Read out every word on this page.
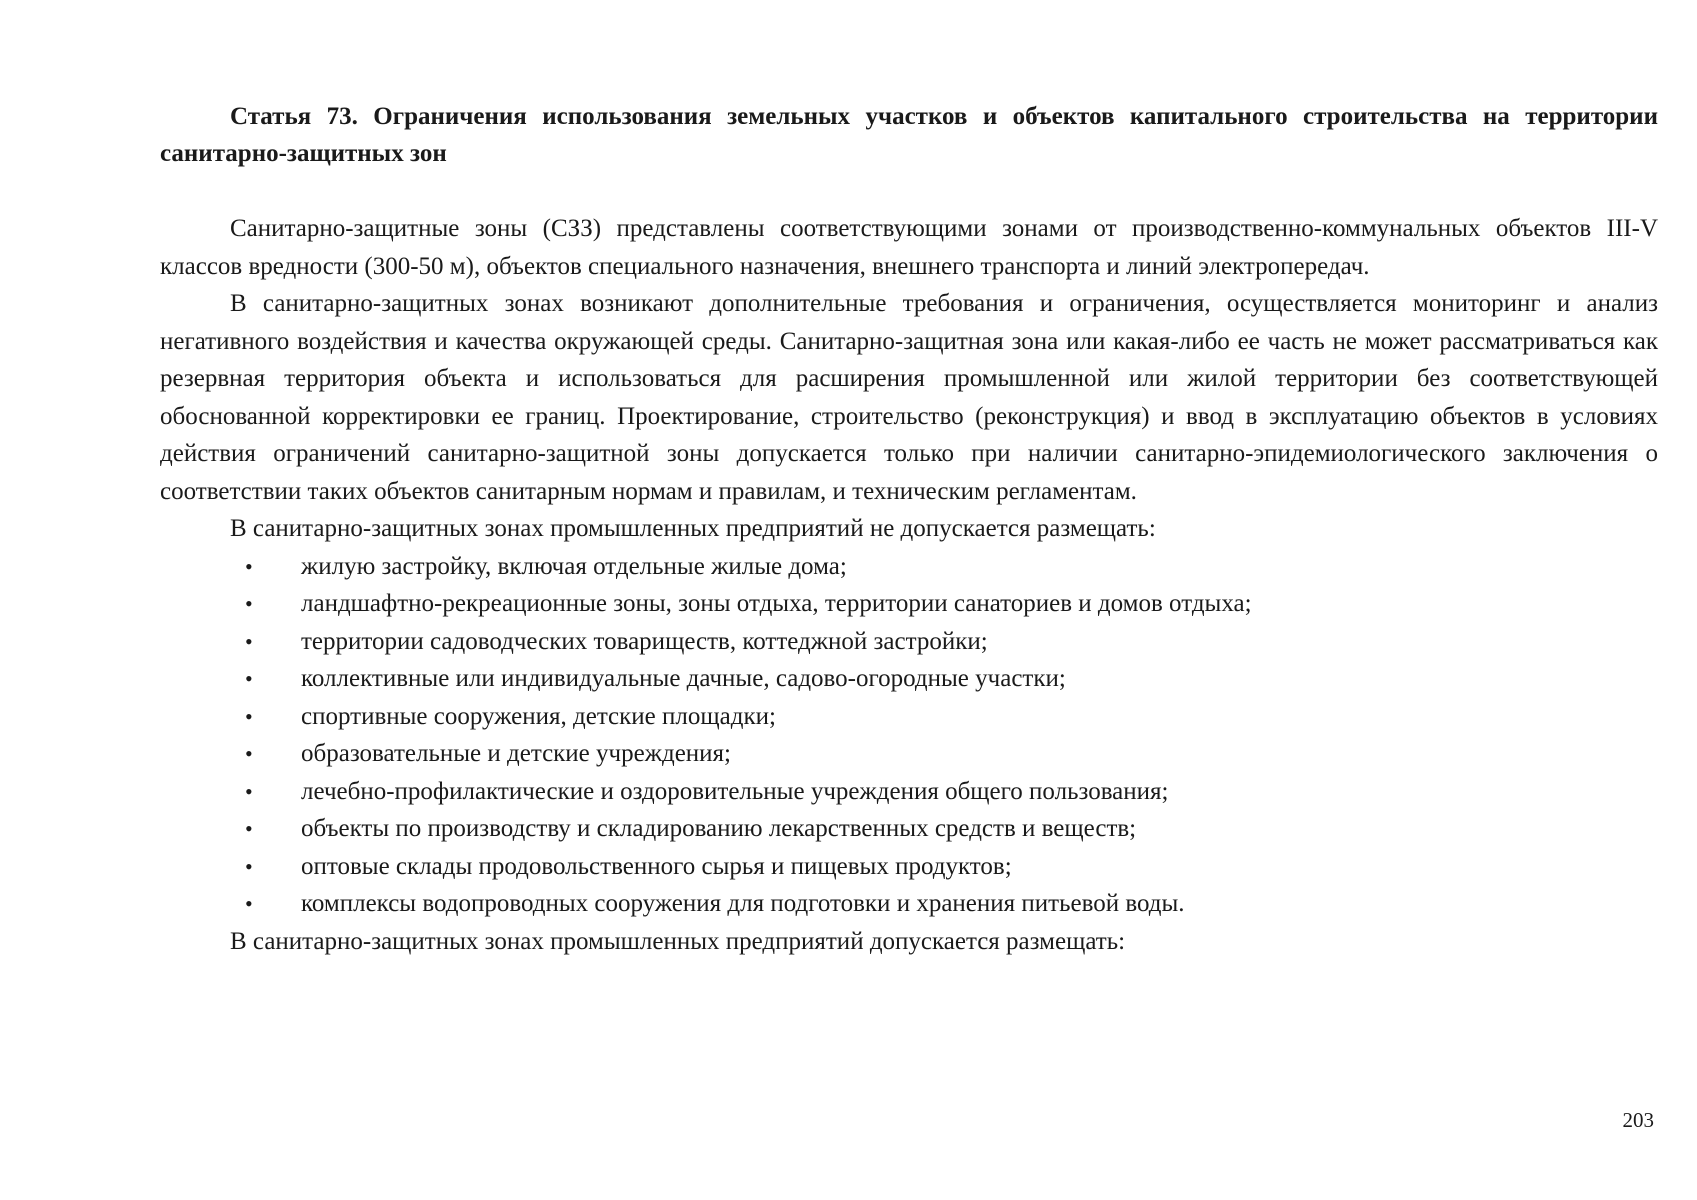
Статья 73. Ограничения использования земельных участков и объектов капитального строительства на территории санитарно-защитных зон

Санитарно-защитные зоны (СЗЗ) представлены соответствующими зонами от производственно-коммунальных объектов III-V классов вредности (300-50 м), объектов специального назначения, внешнего транспорта и линий электропередач.

В санитарно-защитных зонах возникают дополнительные требования и ограничения, осуществляется мониторинг и анализ негативного воздействия и качества окружающей среды. Санитарно-защитная зона или какая-либо ее часть не может рассматриваться как резервная территория объекта и использоваться для расширения промышленной или жилой территории без соответствующей обоснованной корректировки ее границ. Проектирование, строительство (реконструкция) и ввод в эксплуатацию объектов в условиях действия ограничений санитарно-защитной зоны допускается только при наличии санитарно-эпидемиологического заключения о соответствии таких объектов санитарным нормам и правилам, и техническим регламентам.

В санитарно-защитных зонах промышленных предприятий не допускается размещать:

• жилую застройку, включая отдельные жилые дома;
• ландшафтно-рекреационные зоны, зоны отдыха, территории санаториев и домов отдыха;
• территории садоводческих товариществ, коттеджной застройки;
• коллективные или индивидуальные дачные, садово-огородные участки;
• спортивные сооружения, детские площадки;
• образовательные и детские учреждения;
• лечебно-профилактические и оздоровительные учреждения общего пользования;
• объекты по производству и складированию лекарственных средств и веществ;
• оптовые склады продовольственного сырья и пищевых продуктов;
• комплексы водопроводных сооружения для подготовки и хранения питьевой воды.

В санитарно-защитных зонах промышленных предприятий допускается размещать:

203
